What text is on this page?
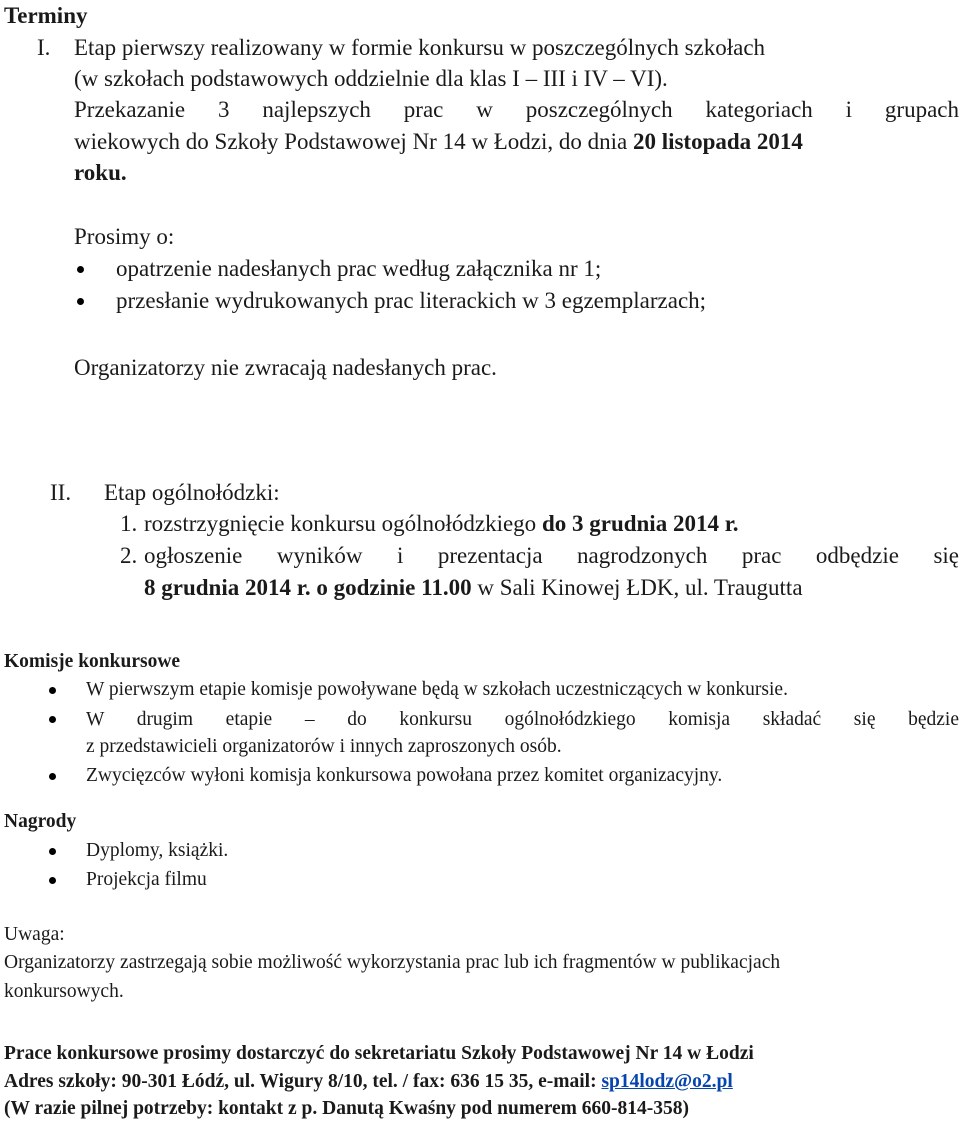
Terminy
I. Etap pierwszy realizowany w formie konkursu w poszczególnych szkołach
(w szkołach podstawowych oddzielnie dla klas I – III i IV – VI).
Przekazanie 3 najlepszych prac w poszczególnych kategoriach i grupach
wiekowych do Szkoły Podstawowej Nr 14 w Łodzi, do dnia 20 listopada 2014
roku.
Prosimy o:
opatrzenie nadesłanych prac według załącznika nr 1;
przesłanie wydrukowanych prac literackich w 3 egzemplarzach;
Organizatorzy nie zwracają nadesłanych prac.
II. Etap ogólnołódzki:
1. rozstrzygnięcie konkursu ogólnołódzkiego do 3 grudnia 2014 r.
2. ogłoszenie wyników i prezentacja nagrodzonych prac odbędzie się
8 grudnia 2014 r. o godzinie 11.00 w Sali Kinowej ŁDK, ul. Traugutta
Komisje konkursowe
W pierwszym etapie komisje powoływane będą w szkołach uczestniczących w konkursie.
W drugim etapie – do konkursu ogólnołódzkiego komisja składać się będzie
z przedstawicieli organizatorów i innych zaproszonych osób.
Zwycięzców wyłoni komisja konkursowa powołana przez komitet organizacyjny.
Nagrody
Dyplomy, książki.
Projekcja filmu
Uwaga:
Organizatorzy zastrzegają sobie możliwość wykorzystania prac lub ich fragmentów w publikacjach
konkursowych.
Prace konkursowe prosimy dostarczyć do sekretariatu Szkoły Podstawowej Nr 14 w Łodzi
Adres szkoły: 90-301 Łódź, ul. Wigury 8/10, tel. / fax: 636 15 35, e-mail: sp14lodz@o2.pl
(W razie pilnej potrzeby: kontakt z p. Danutą Kwaśny pod numerem 660-814-358)
